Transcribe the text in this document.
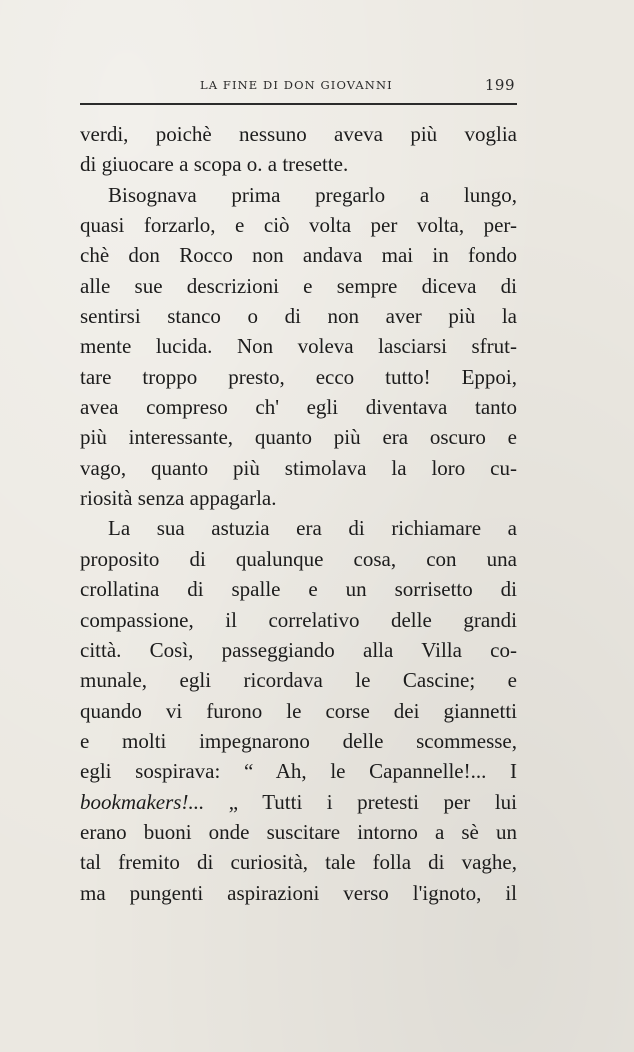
LA FINE DI DON GIOVANNI	199
verdi, poichè nessuno aveva più voglia
di giuocare a scopa o. a tresette.
Bisognava prima pregarlo a lungo,
quasi forzarlo, e ciò volta per volta, per-
chè don Rocco non andava mai in fondo
alle sue descrizioni e sempre diceva di
sentirsi stanco o di non aver più la
mente lucida. Non voleva lasciarsi sfrut-
tare troppo presto, ecco tutto! Eppoi,
avea compreso ch' egli diventava tanto
più interessante, quanto più era oscuro e
vago, quanto più stimolava la loro cu-
riosità senza appagarla.
La sua astuzia era di richiamare a
proposito di qualunque cosa, con una
crollatina di spalle e un sorrisetto di
compassione, il correlativo delle grandi
città. Così, passeggiando alla Villa co-
munale, egli ricordava le Cascine; e
quando vi furono le corse dei giannetti
e molti impegnarono delle scommesse,
egli sospirava: “ Ah, le Capannelle!... I
bookmakers!... „ Tutti i pretesti per lui
erano buoni onde suscitare intorno a sè un
tal fremito di curiosità, tale folla di vaghe,
ma pungenti aspirazioni verso l'ignoto, il
